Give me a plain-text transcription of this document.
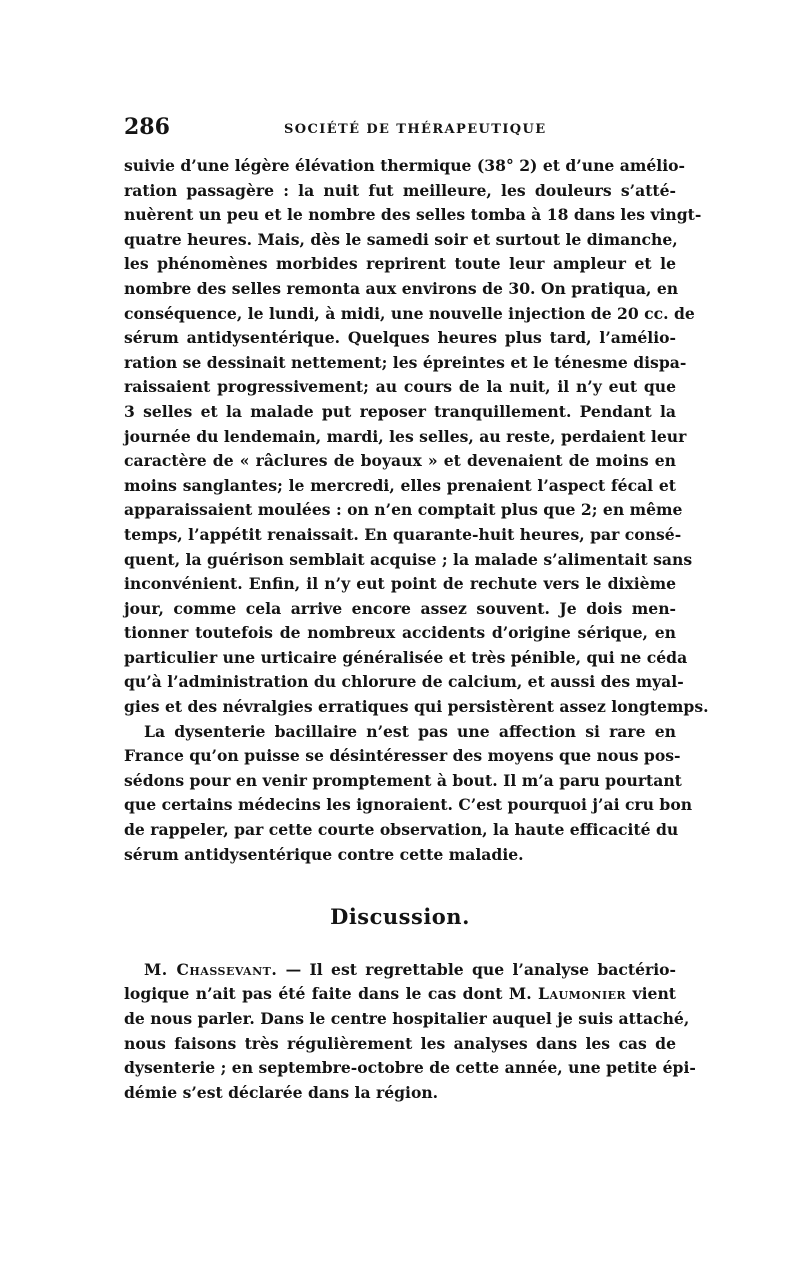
286	SOCIÉTÉ DE THÉRAPEUTIQUE

suivie d’une légère élévation thermique (38° 2) et d’une amélio-
ration passagère : la nuit fut meilleure, les douleurs s’atté-
nuèrent un peu et le nombre des selles tomba à 18 dans les vingt-
quatre heures. Mais, dès le samedi soir et surtout le dimanche,
les phénomènes morbides reprirent toute leur ampleur et le
nombre des selles remonta aux environs de 30. On pratiqua, en
conséquence, le lundi, à midi, une nouvelle injection de 20 cc. de
sérum antidysentérique. Quelques heures plus tard, l’amélio-
ration se dessinait nettement; les épreintes et le ténesme dispa-
raissaient progressivement; au cours de la nuit, il n’y eut que
3 selles et la malade put reposer tranquillement. Pendant la
journée du lendemain, mardi, les selles, au reste, perdaient leur
caractère de « râclures de boyaux » et devenaient de moins en
moins sanglantes; le mercredi, elles prenaient l’aspect fécal et
apparaissaient moulées : on n’en comptait plus que 2; en même
temps, l’appétit renaissait. En quarante-huit heures, par consé-
quent, la guérison semblait acquise ; la malade s’alimentait sans
inconvénient. Enfin, il n’y eut point de rechute vers le dixième
jour, comme cela arrive encore assez souvent. Je dois men-
tionner toutefois de nombreux accidents d’origine sérique, en
particulier une urticaire généralisée et très pénible, qui ne céda
qu’à l’administration du chlorure de calcium, et aussi des myal-
gies et des névralgies erratiques qui persistèrent assez longtemps.

La dysenterie bacillaire n’est pas une affection si rare en
France qu’on puisse se désintéresser des moyens que nous pos-
sédons pour en venir promptement à bout. Il m’a paru pourtant
que certains médecins les ignoraient. C’est pourquoi j’ai cru bon
de rappeler, par cette courte observation, la haute efficacité du
sérum antidysentérique contre cette maladie.

Discussion.

M. Chassevant. — Il est regrettable que l’analyse bactério-
logique n’ait pas été faite dans le cas dont M. Laumonier vient
de nous parler. Dans le centre hospitalier auquel je suis attaché,
nous faisons très régulièrement les analyses dans les cas de
dysenterie ; en septembre-octobre de cette année, une petite épi-
démie s’est déclarée dans la région.
